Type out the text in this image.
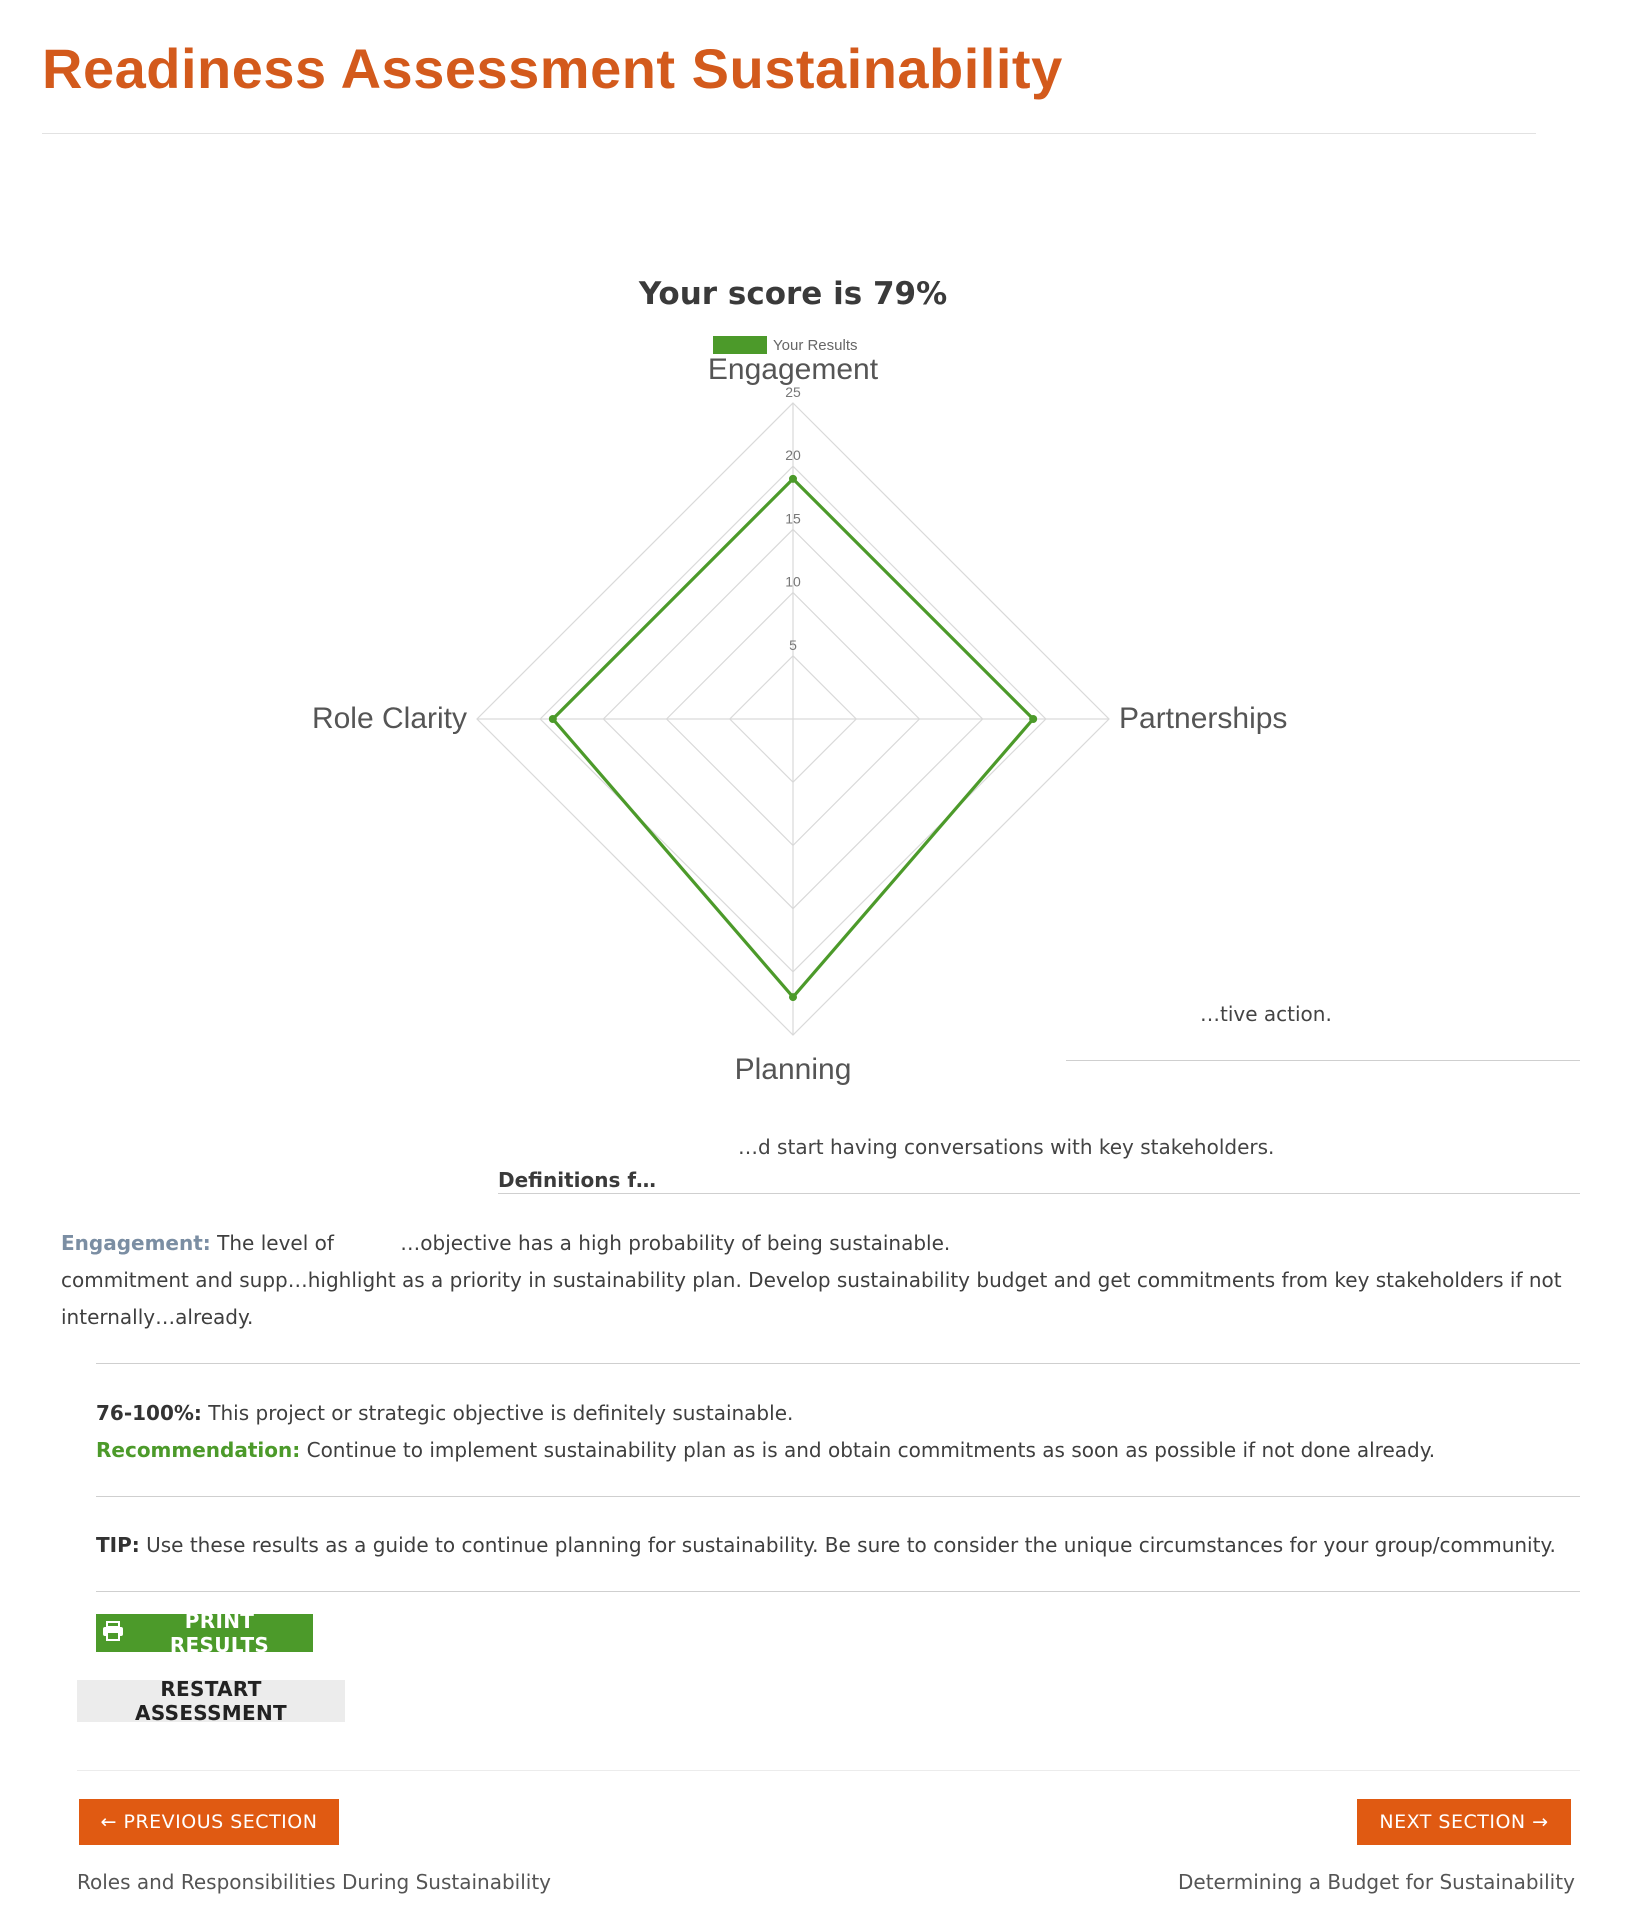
Readiness Assessment Sustainability
Your score is 79%
Your Results
5
10
15
20
25
Engagement
Partnerships
Planning
Role Clarity
…tive action.
…d start having conversations with key stakeholders.
Definitions f…
Engagement: The level of	…objective has a high probability of being sustainable.
commitment and supp…highlight as a priority in sustainability plan. Develop sustainability budget and get commitments from key stakeholders if not
internally…already.
76-100%: This project or strategic objective is definitely sustainable.
Recommendation: Continue to implement sustainability plan as is and obtain commitments as soon as possible if not done already.
TIP: Use these results as a guide to continue planning for sustainability. Be sure to consider the unique circumstances for your group/community.
PRINT RESULTS
RESTART ASSESSMENT
← PREVIOUS SECTION	NEXT SECTION →
Roles and Responsibilities During Sustainability	Determining a Budget for Sustainability
